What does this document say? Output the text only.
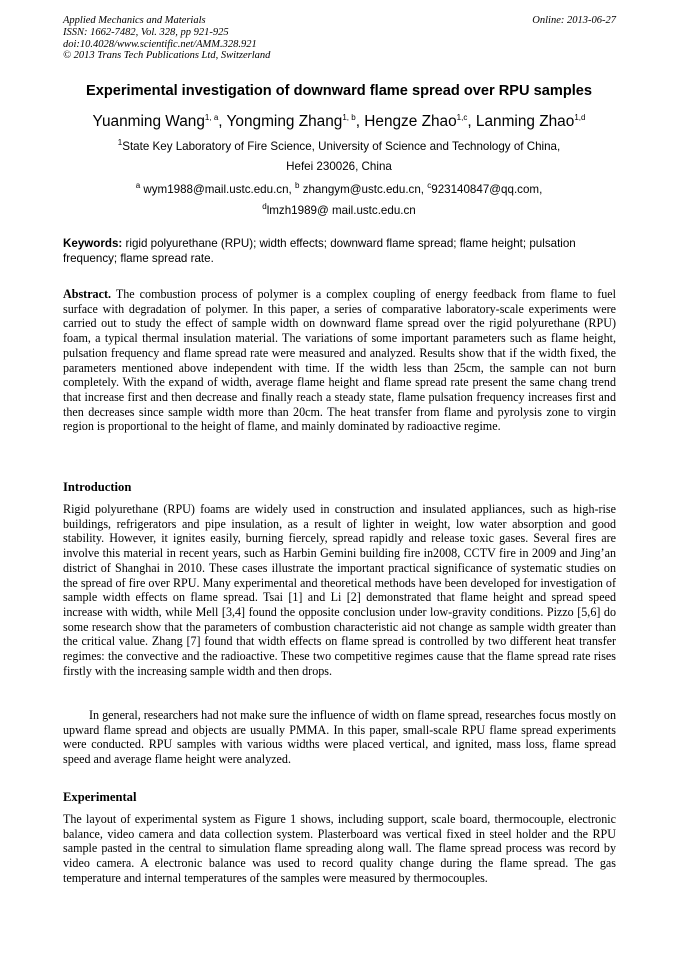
Applied Mechanics and Materials
ISSN: 1662-7482, Vol. 328, pp 921-925
doi:10.4028/www.scientific.net/AMM.328.921
© 2013 Trans Tech Publications Ltd, Switzerland
Online: 2013-06-27
Experimental investigation of downward flame spread over RPU samples
Yuanming Wang$^{1, a}$, Yongming Zhang$^{1, b}$, Hengze Zhao$^{1,c}$, Lanming Zhao$^{1,d}$
$^1$State Key Laboratory of Fire Science, University of Science and Technology of China,
Hefei 230026, China
$^a$ wym1988@mail.ustc.edu.cn, $^b$ zhangym@ustc.edu.cn, $^c$923140847@qq.com,
$^d$lmzh1989@ mail.ustc.edu.cn
Keywords: rigid polyurethane (RPU); width effects; downward flame spread; flame height; pulsation frequency; flame spread rate.
Abstract. The combustion process of polymer is a complex coupling of energy feedback from flame to fuel surface with degradation of polymer. In this paper, a series of comparative laboratory-scale experiments were carried out to study the effect of sample width on downward flame spread over the rigid polyurethane (RPU) foam, a typical thermal insulation material. The variations of some important parameters such as flame height, pulsation frequency and flame spread rate were measured and analyzed. Results show that if the width fixed, the parameters mentioned above independent with time. If the width less than 25cm, the sample can not burn completely. With the expand of width, average flame height and flame spread rate present the same chang trend that increase first and then decrease and finally reach a steady state, flame pulsation frequency increases first and then decreases since sample width more than 20cm. The heat transfer from flame and pyrolysis zone to virgin region is proportional to the height of flame, and mainly dominated by radioactive regime.
Introduction
Rigid polyurethane (RPU) foams are widely used in construction and insulated appliances, such as high-rise buildings, refrigerators and pipe insulation, as a result of lighter in weight, low water absorption and good stability. However, it ignites easily, burning fiercely, spread rapidly and release toxic gases. Several fires are involve this material in recent years, such as Harbin Gemini building fire in2008, CCTV fire in 2009 and Jing’an district of Shanghai in 2010. These cases illustrate the important practical significance of systematic studies on the spread of fire over RPU. Many experimental and theoretical methods have been developed for investigation of sample width effects on flame spread. Tsai [1] and Li [2] demonstrated that flame height and spread speed increase with width, while Mell [3,4] found the opposite conclusion under low-gravity conditions. Pizzo [5,6] do some research show that the parameters of combustion characteristic aid not change as sample width greater than the critical value. Zhang [7] found that width effects on flame spread is controlled by two different heat transfer regimes: the convective and the radioactive. These two competitive regimes cause that the flame spread rate rises firstly with the increasing sample width and then drops.
In general, researchers had not make sure the influence of width on flame spread, researches focus mostly on upward flame spread and objects are usually PMMA. In this paper, small-scale RPU flame spread experiments were conducted. RPU samples with various widths were placed vertical, and ignited, mass loss, flame spread speed and average flame height were analyzed.
Experimental
The layout of experimental system as Figure 1 shows, including support, scale board, thermocouple, electronic balance, video camera and data collection system. Plasterboard was vertical fixed in steel holder and the RPU sample pasted in the central to simulation flame spreading along wall. The flame spread process was record by video camera. A electronic balance was used to record quality change during the flame spread. The gas temperature and internal temperatures of the samples were measured by thermocouples.
